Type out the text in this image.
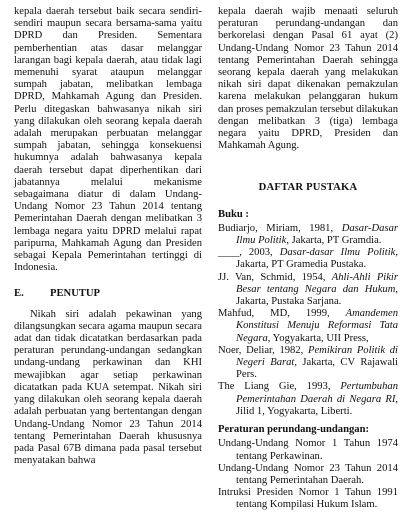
kepala daerah tersebut baik secara sendiri-sendiri maupun secara bersama-sama yaitu DPRD dan Presiden. Sementara pemberhentian atas dasar melanggar larangan bagi kepala daerah, atau tidak lagi memenuhi syarat ataupun melanggar sumpah jabatan, melibatkan lembaga DPRD, Mahkamah Agung dan Presiden. Perlu ditegaskan bahwasanya nikah siri yang dilakukan oleh seorang kepala daerah adalah merupakan perbuatan melanggar sumpah jabatan, sehingga konsekuensi hukumnya adalah bahwasanya kepala daerah tersebut dapat diperhentikan dari jabatannya melalui mekanisme sebagaimana diatur di dalam Undang-Undang Nomor 23 Tahun 2014 tentang Pemerintahan Daerah dengan melibatkan 3 lembaga negara yaitu DPRD melalui rapat paripurna, Mahkamah Agung dan Presiden sebagai Kepala Pemerintahan tertinggi di Indonesia.

E.	PENUTUP

Nikah siri adalah pekawinan yang dilangsungkan secara agama maupun secara adat dan tidak dicatatkan berdasarkan pada peraturan perundang-undangan sedangkan undang-undang perkawinan dan KHI mewajibkan agar setiap perkawinan dicatatkan pada KUA setempat. Nikah siri yang dilakukan oleh seorang kepala daerah adalah perbuatan yang bertentangan dengan Undang-Undang Nomor 23 Tahun 2014 tentang Pemerintahan Daerah khususnya pada Pasal 67B dimana pada pasal tersebut menyatakan bahwa

kepala daerah wajib menaati seluruh peraturan perundang-undangan dan berkorelasi dengan Pasal 61 ayat (2) Undang-Undang Nomor 23 Tahun 2014 tentang Pemerintahan Daerah sehingga seorang kepala daerah yang melakukan nikah siri dapat dikenakan pemakzulan karena melakukan pelanggaran hukum dan proses pemakzulan tersebut dilakukan dengan melibatkan 3 (tiga) lembaga negara yaitu DPRD, Presiden dan Mahkamah Agung.

DAFTAR PUSTAKA
Buku :

Budiarjo, Miriam, 1981, Dasar-Dasar Ilmu Politik, Jakarta, PT Gramdia.

____, 2003, Dasar-dasar Ilmu Politik, Jakarta, PT Gramedia Pustaka.

JJ. Van, Schmid, 1954, Ahli-Ahli Pikir Besar tentang Negara dan Hukum, Jakarta, Pustaka Sarjana.

Mahfud, MD, 1999, Amandemen Konstitusi Menuju Reformasi Tata Negara, Yogyakarta, UII Press,

Noer, Deliar, 1982, Pemikiran Politik di Negeri Barat, Jakarta, CV Rajawali Pers.

The Liang Gie, 1993, Pertumbuhan Pemerintahan Daerah di Negara RI, Jilid 1, Yogyakarta, Liberti.

Peraturan perundang-undangan:

Undang-Undang Nomor 1 Tahun 1974 tentang Perkawinan.

Undang-Undang Nomor 23 Tahun 2014 tentang Pemerintahan Daerah.

Intruksi Presiden Nomor 1 Tahun 1991 tentang Kompilasi Hukum Islam.
